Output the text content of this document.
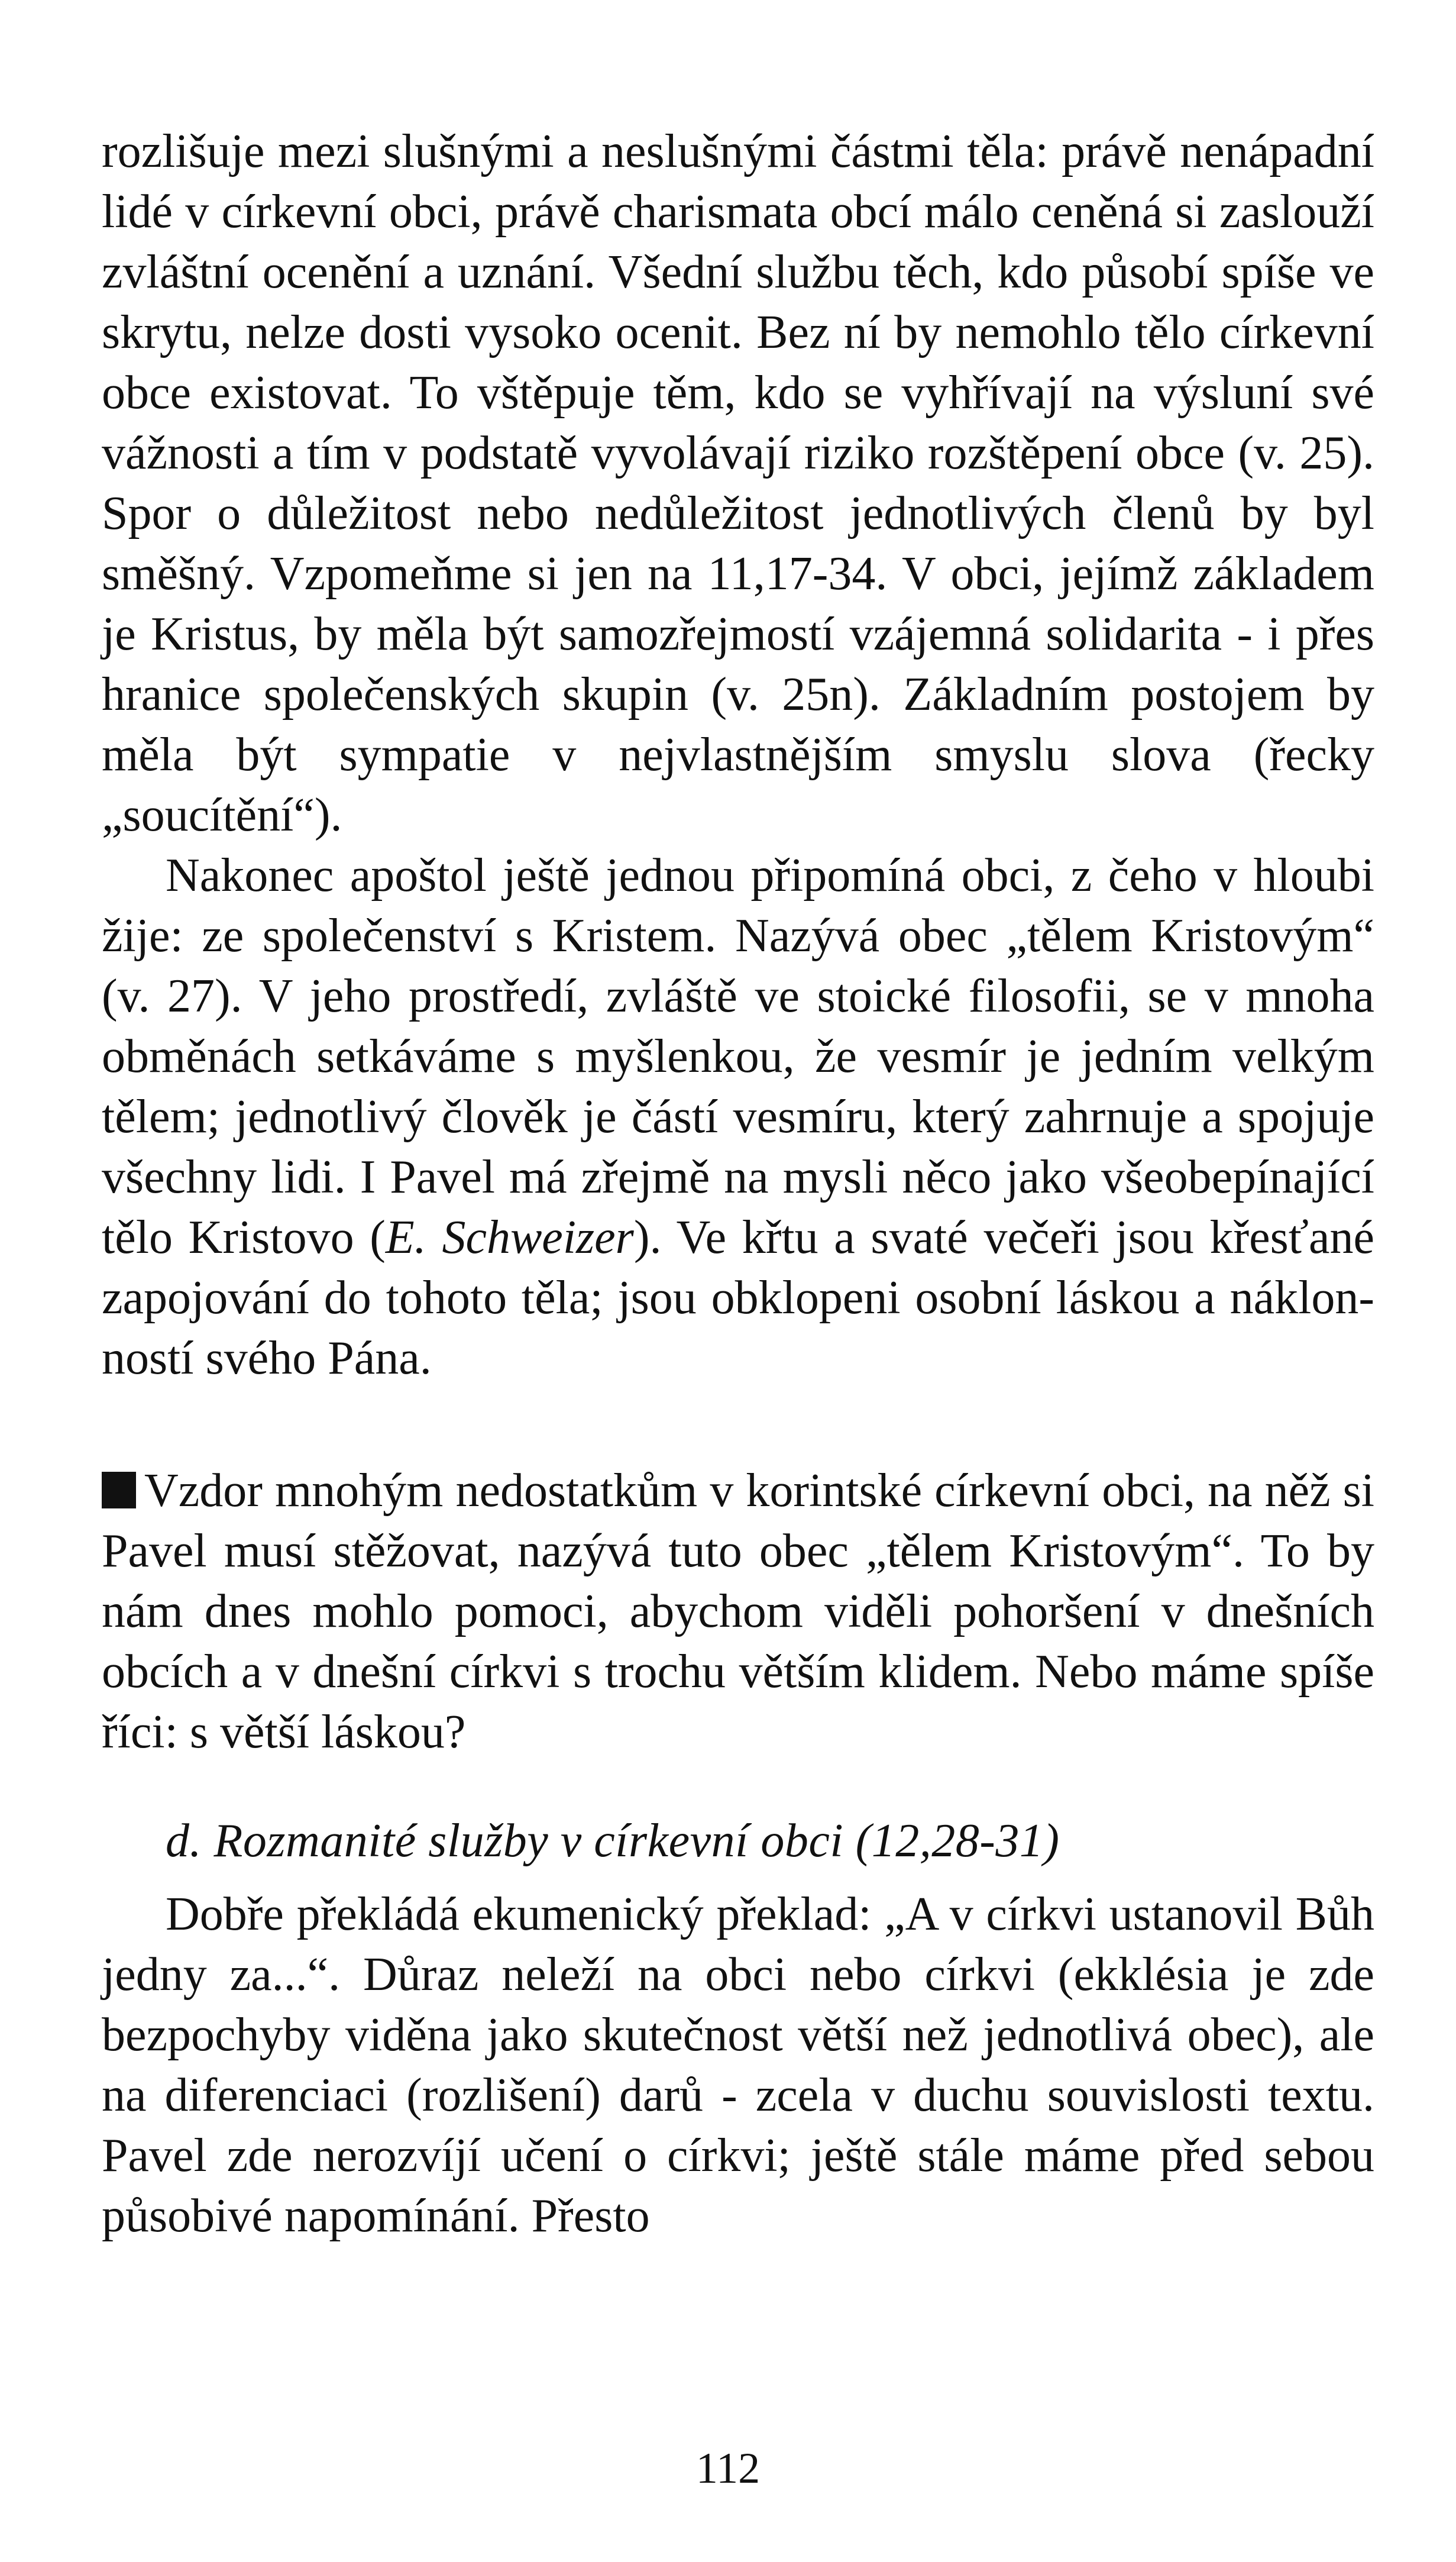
rozlišuje mezi slušnými a neslušnými částmi těla: právě nenápadní lidé v církevní obci, právě charismata obcí málo ceněná si zaslouží zvláštní ocenění a uznání. Všední službu těch, kdo působí spíše ve skrytu, nelze dosti vysoko ocenit. Bez ní by nemohlo tělo církevní obce existovat. To vštěpuje těm, kdo se vyhřívají na výsluní své vážnosti a tím v podstatě vyvolávají riziko rozštěpení obce (v. 25). Spor o důležitost nebo nedůležitost jednotlivých členů by byl směšný. Vzpomeňme si jen na 11,17-34. V obci, jejímž základem je Kristus, by měla být samozřejmostí vzájemná solidarita - i přes hranice společenských skupin (v. 25n). Základním postojem by měla být sympatie v nejvlastnějším smyslu slova (řecky „soucítění“).

Nakonec apoštol ještě jednou připomíná obci, z čeho v hloubi žije: ze společenství s Kristem. Nazývá obec „tělem Kristovým“ (v. 27). V jeho prostředí, zvláště ve stoické filosofii, se v mnoha obměnách setkáváme s myšlenkou, že vesmír je jedním velkým tělem; jednotlivý člověk je částí vesmíru, který zahrnuje a spojuje všechny lidi. I Pavel má zřejmě na mysli něco jako všeobepínající tělo Kristovo (E. Schweizer). Ve křtu a svaté večeři jsou křesťané zapojování do tohoto těla; jsou obklopeni osobní láskou a náklonností svého Pána.

Vzdor mnohým nedostatkům v korintské církevní obci, na něž si Pavel musí stěžovat, nazývá tuto obec „tělem Kristovým“. To by nám dnes mohlo pomoci, abychom viděli pohoršení v dnešních obcích a v dnešní církvi s trochu větším klidem. Nebo máme spíše říci: s větší láskou?

d. Rozmanité služby v církevní obci (12,28-31)

Dobře překládá ekumenický překlad: „A v církvi ustanovil Bůh jedny za...“. Důraz neleží na obci nebo církvi (ekklésia je zde bezpochyby viděna jako skutečnost větší než jednotlivá obec), ale na diferenciaci (rozlišení) darů - zcela v duchu souvislosti textu. Pavel zde nerozvíjí učení o církvi; ještě stále máme před sebou působivé napomínání. Přesto

112
